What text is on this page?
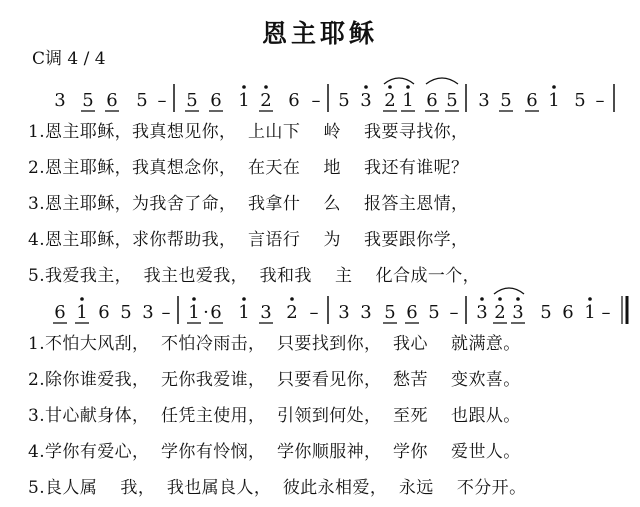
恩主耶稣
C调 4 / 4
3 5 6 5 – 5 6 1 2 6 – 5 3 2 1 6 5 3 5 6 1 5 –
6 1 6 5 3 – 1 · 6 1 3 2 – 3 3 5 6 5 – 3 2 3 5 6 1 –
1.恩主耶稣，我真想见你，  上山下    岭    我要寻找你，
2.恩主耶稣，我真想念你，  在天在    地    我还有谁呢？
3.恩主耶稣，为我舍了命，  我拿什    么    报答主恩情，
4.恩主耶稣，求你帮助我，  言语行    为    我要跟你学，
5.我爱我主，  我主也爱我，  我和我    主    化合成一个，
1.不怕大风刮，  不怕冷雨击，  只要找到你，  我心    就满意。
2.除你谁爱我，  无你我爱谁，  只要看见你，  愁苦    变欢喜。
3.甘心献身体，  任凭主使用，  引领到何处，  至死    也跟从。
4.学你有爱心，  学你有怜悯，  学你顺服神，  学你    爱世人。
5.良人属    我，  我也属良人，  彼此永相爱，  永远    不分开。
